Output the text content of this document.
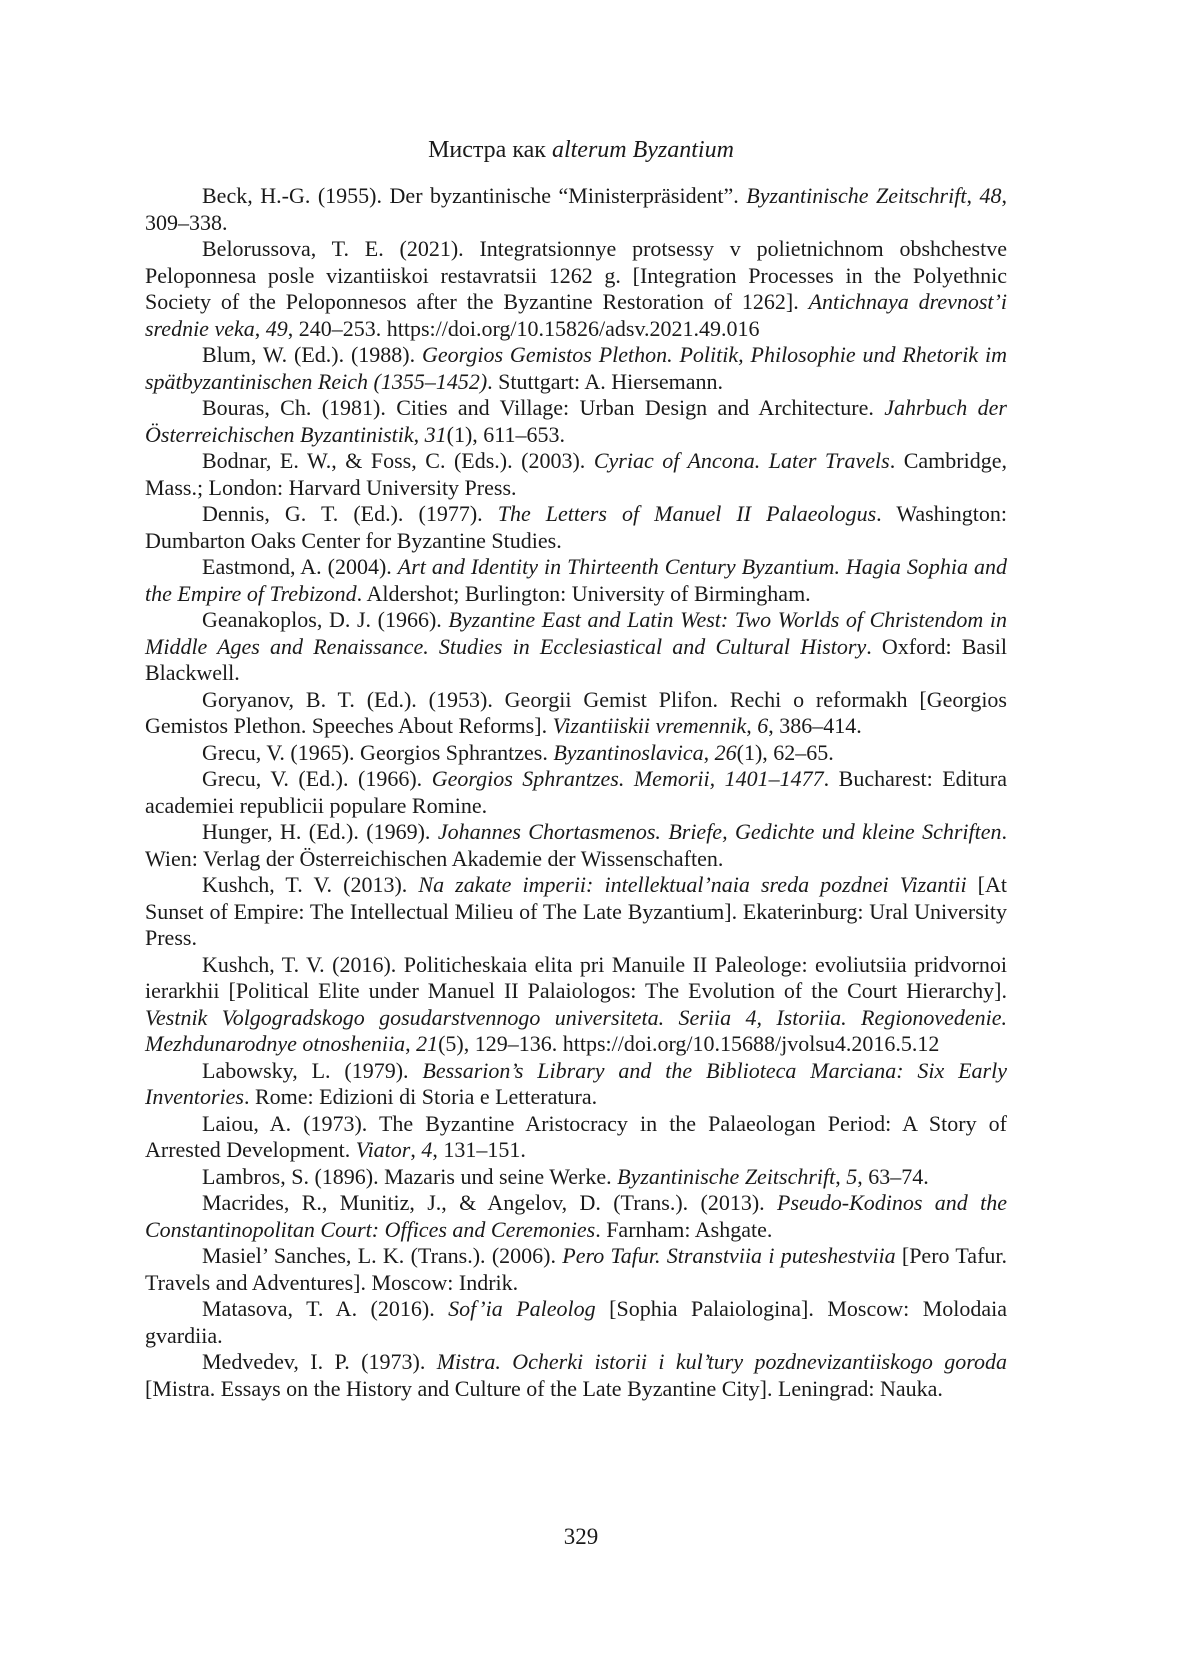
Мистра как alterum Byzantium

Beck, H.-G. (1955). Der byzantinische “Ministerpräsident”. Byzantinische Zeitschrift, 48, 309–338.

Belorussova, T. E. (2021). Integratsionnye protsessy v polietnichnom obshchestve Peloponnesa posle vizantiiskoi restavratsii 1262 g. [Integration Processes in the Polyethnic Society of the Peloponnesos after the Byzantine Restoration of 1262]. Antichnaya drevnost’i srednie veka, 49, 240–253. https://doi.org/10.15826/adsv.2021.49.016

Blum, W. (Ed.). (1988). Georgios Gemistos Plethon. Politik, Philosophie und Rhetorik im spätbyzantinischen Reich (1355–1452). Stuttgart: A. Hiersemann.

Bouras, Ch. (1981). Cities and Village: Urban Design and Architecture. Jahrbuch der Österreichischen Byzantinistik, 31(1), 611–653.

Bodnar, E. W., & Foss, C. (Eds.). (2003). Cyriac of Ancona. Later Travels. Cambridge, Mass.; London: Harvard University Press.

Dennis, G. T. (Ed.). (1977). The Letters of Manuel II Palaeologus. Washington: Dumbarton Oaks Center for Byzantine Studies.

Eastmond, A. (2004). Art and Identity in Thirteenth Century Byzantium. Hagia Sophia and the Empire of Trebizond. Aldershot; Burlington: University of Birmingham.

Geanakoplos, D. J. (1966). Byzantine East and Latin West: Two Worlds of Christendom in Middle Ages and Renaissance. Studies in Ecclesiastical and Cultural History. Oxford: Basil Blackwell.

Goryanov, B. T. (Ed.). (1953). Georgii Gemist Plifon. Rechi o reformakh [Georgios Gemistos Plethon. Speeches About Reforms]. Vizantiiskii vremennik, 6, 386–414.

Grecu, V. (1965). Georgios Sphrantzes. Byzantinoslavica, 26(1), 62–65.

Grecu, V. (Ed.). (1966). Georgios Sphrantzes. Memorii, 1401–1477. Bucharest: Editura academiei republicii populare Romine.

Hunger, H. (Ed.). (1969). Johannes Chortasmenos. Briefe, Gedichte und kleine Schriften. Wien: Verlag der Österreichischen Akademie der Wissenschaften.

Kushch, T. V. (2013). Na zakate imperii: intellektual’naia sreda pozdnei Vizantii [At Sunset of Empire: The Intellectual Milieu of The Late Byzantium]. Ekaterinburg: Ural University Press.

Kushch, T. V. (2016). Politicheskaia elita pri Manuile II Paleologe: evoliutsiia pridvornoi ierarkhii [Political Elite under Manuel II Palaiologos: The Evolution of the Court Hierarchy]. Vestnik Volgogradskogo gosudarstvennogo universiteta. Seriia 4, Istoriia. Regionovedenie. Mezhdunarodnye otnosheniia, 21(5), 129–136. https://doi.org/10.15688/jvolsu4.2016.5.12

Labowsky, L. (1979). Bessarion’s Library and the Biblioteca Marciana: Six Early Inventories. Rome: Edizioni di Storia e Letteratura.

Laiou, A. (1973). The Byzantine Aristocracy in the Palaeologan Period: A Story of Arrested Development. Viator, 4, 131–151.

Lambros, S. (1896). Mazaris und seine Werke. Byzantinische Zeitschrift, 5, 63–74.

Macrides, R., Munitiz, J., & Angelov, D. (Trans.). (2013). Pseudo-Kodinos and the Constantinopolitan Court: Offices and Ceremonies. Farnham: Ashgate.

Masiel’ Sanches, L. K. (Trans.). (2006). Pero Tafur. Stranstviia i puteshestviia [Pero Tafur. Travels and Adventures]. Moscow: Indrik.

Matasova, T. A. (2016). Sof’ia Paleolog [Sophia Palaiologina]. Moscow: Molodaia gvardiia.

Medvedev, I. P. (1973). Mistra. Ocherki istorii i kul’tury pozdnevizantiiskogo goroda [Mistra. Essays on the History and Culture of the Late Byzantine City]. Leningrad: Nauka.

329
